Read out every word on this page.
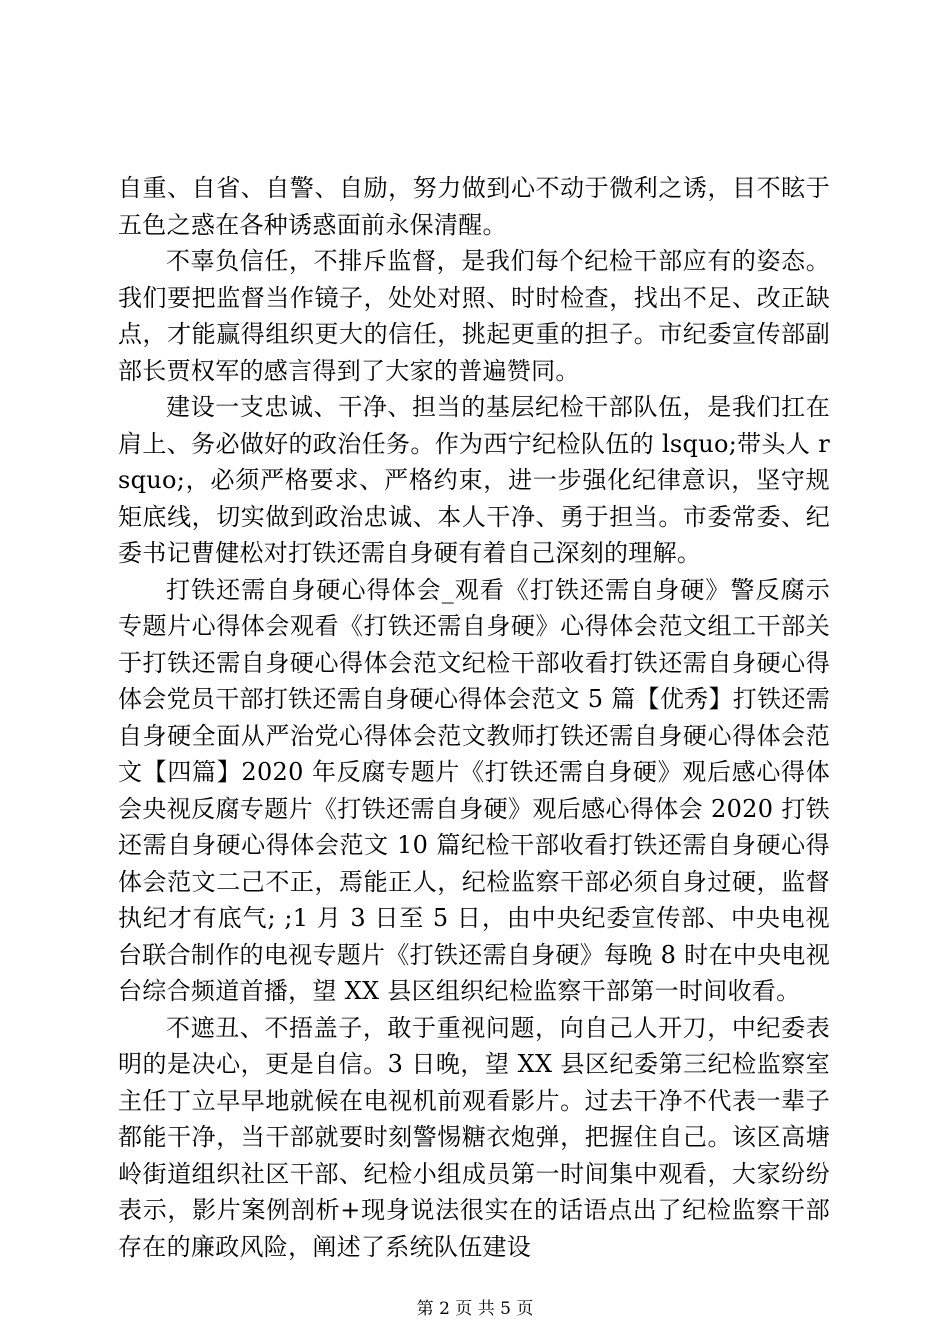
自重、自省、自警、自励，努力做到心不动于微利之诱，目不眩于五色之惑在各种诱惑面前永保清醒。

不辜负信任，不排斥监督，是我们每个纪检干部应有的姿态。我们要把监督当作镜子，处处对照、时时检查，找出不足、改正缺点，才能赢得组织更大的信任，挑起更重的担子。市纪委宣传部副部长贾权军的感言得到了大家的普遍赞同。

建设一支忠诚、干净、担当的基层纪检干部队伍，是我们扛在肩上、务必做好的政治任务。作为西宁纪检队伍的 lsquo;带头人 rsquo;，必须严格要求、严格约束，进一步强化纪律意识，坚守规矩底线，切实做到政治忠诚、本人干净、勇于担当。市委常委、纪委书记曹健松对打铁还需自身硬有着自己深刻的理解。

打铁还需自身硬心得体会_观看《打铁还需自身硬》警反腐示专题片心得体会观看《打铁还需自身硬》心得体会范文组工干部关于打铁还需自身硬心得体会范文纪检干部收看打铁还需自身硬心得体会党员干部打铁还需自身硬心得体会范文 5 篇【优秀】打铁还需自身硬全面从严治党心得体会范文教师打铁还需自身硬心得体会范文【四篇】2020 年反腐专题片《打铁还需自身硬》观后感心得体会央视反腐专题片《打铁还需自身硬》观后感心得体会 2020 打铁还需自身硬心得体会范文 10 篇纪检干部收看打铁还需自身硬心得体会范文二己不正，焉能正人，纪检监察干部必须自身过硬，监督执纪才有底气; ;1 月 3 日至 5 日，由中央纪委宣传部、中央电视台联合制作的电视专题片《打铁还需自身硬》每晚 8 时在中央电视台综合频道首播，望 XX 县区组织纪检监察干部第一时间收看。

不遮丑、不捂盖子，敢于重视问题，向自己人开刀，中纪委表明的是决心，更是自信。3 日晚，望 XX 县区纪委第三纪检监察室主任丁立早早地就候在电视机前观看影片。过去干净不代表一辈子都能干净，当干部就要时刻警惕糖衣炮弹，把握住自己。该区高塘岭街道组织社区干部、纪检小组成员第一时间集中观看，大家纷纷表示，影片案例剖析+现身说法很实在的话语点出了纪检监察干部存在的廉政风险，阐述了系统队伍建设

第 2 页 共 5 页
